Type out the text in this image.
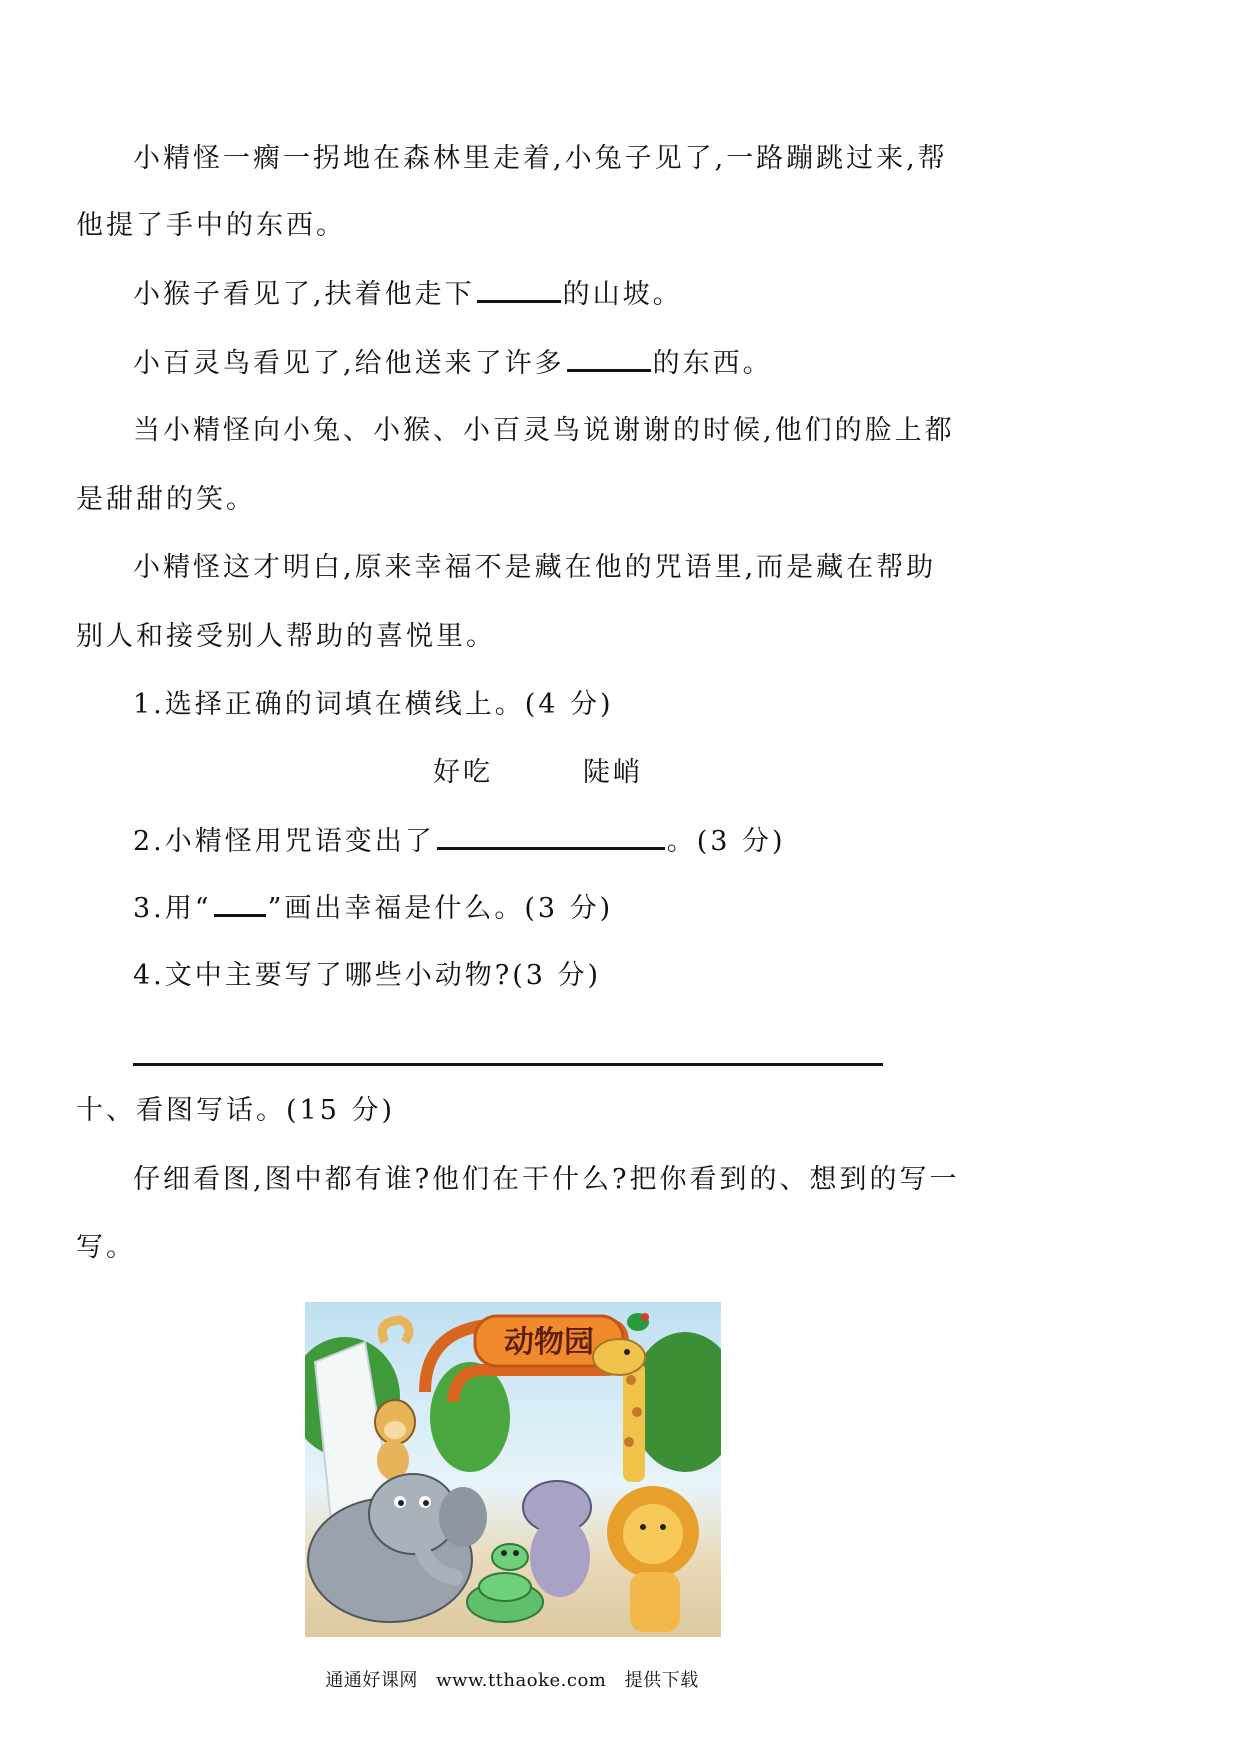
小精怪一瘸一拐地在森林里走着,小兔子见了,一路蹦跳过来,帮
他提了手中的东西。
小猴子看见了,扶着他走下	的山坡。
小百灵鸟看见了,给他送来了许多	的东西。
当小精怪向小兔、小猴、小百灵鸟说谢谢的时候,他们的脸上都
是甜甜的笑。
小精怪这才明白,原来幸福不是藏在他的咒语里,而是藏在帮助
别人和接受别人帮助的喜悦里。
1.选择正确的词填在横线上。(4 分)
好吃	陡峭
2.小精怪用咒语变出了	。(3 分)
3.用“ ”画出幸福是什么。(3 分)
4.文中主要写了哪些小动物?(3 分)
十、看图写话。(15 分)
仔细看图,图中都有谁?他们在干什么?把你看到的、想到的写一
写。
动物园
通通好课网 www.tthaoke.com 提供下载
